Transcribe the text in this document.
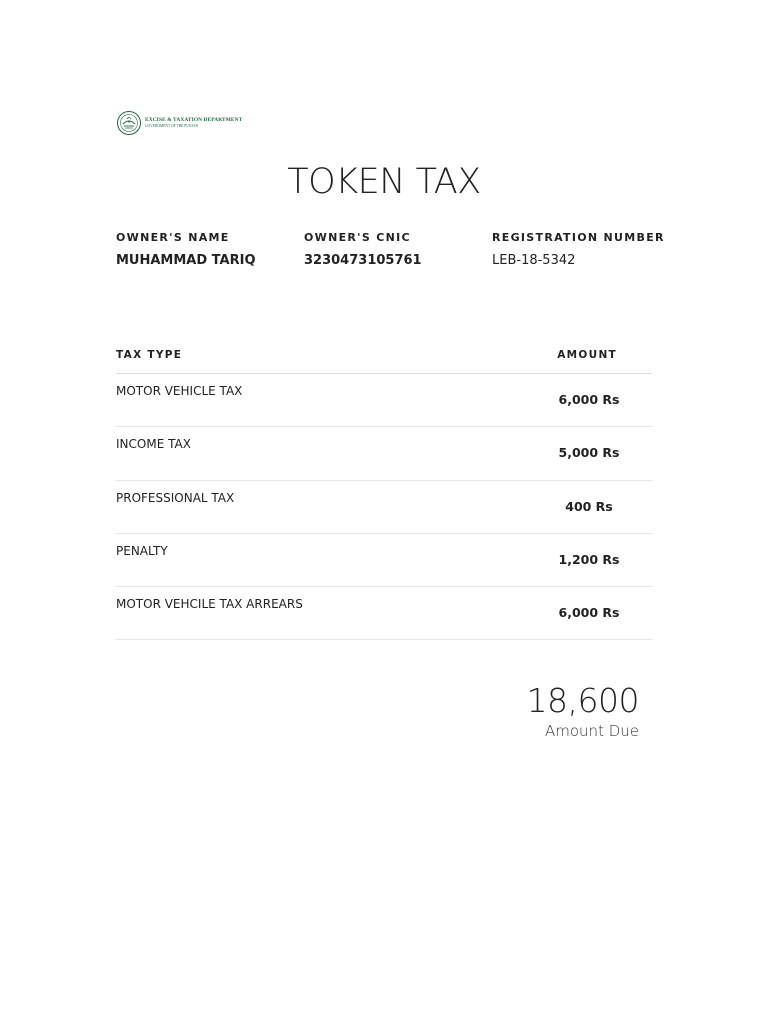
EXCISE & TAXATION DEPARTMENT
GOVERNMENT OF THE PUNJAB
TOKEN TAX
OWNER'S NAME
MUHAMMAD TARIQ
OWNER'S CNIC
3230473105761
REGISTRATION NUMBER
LEB-18-5342
TAX TYPE	AMOUNT
MOTOR VEHICLE TAX
6,000 Rs
INCOME TAX
5,000 Rs
PROFESSIONAL TAX
400 Rs
PENALTY
1,200 Rs
MOTOR VEHCILE TAX ARREARS
6,000 Rs
18,600
Amount Due
